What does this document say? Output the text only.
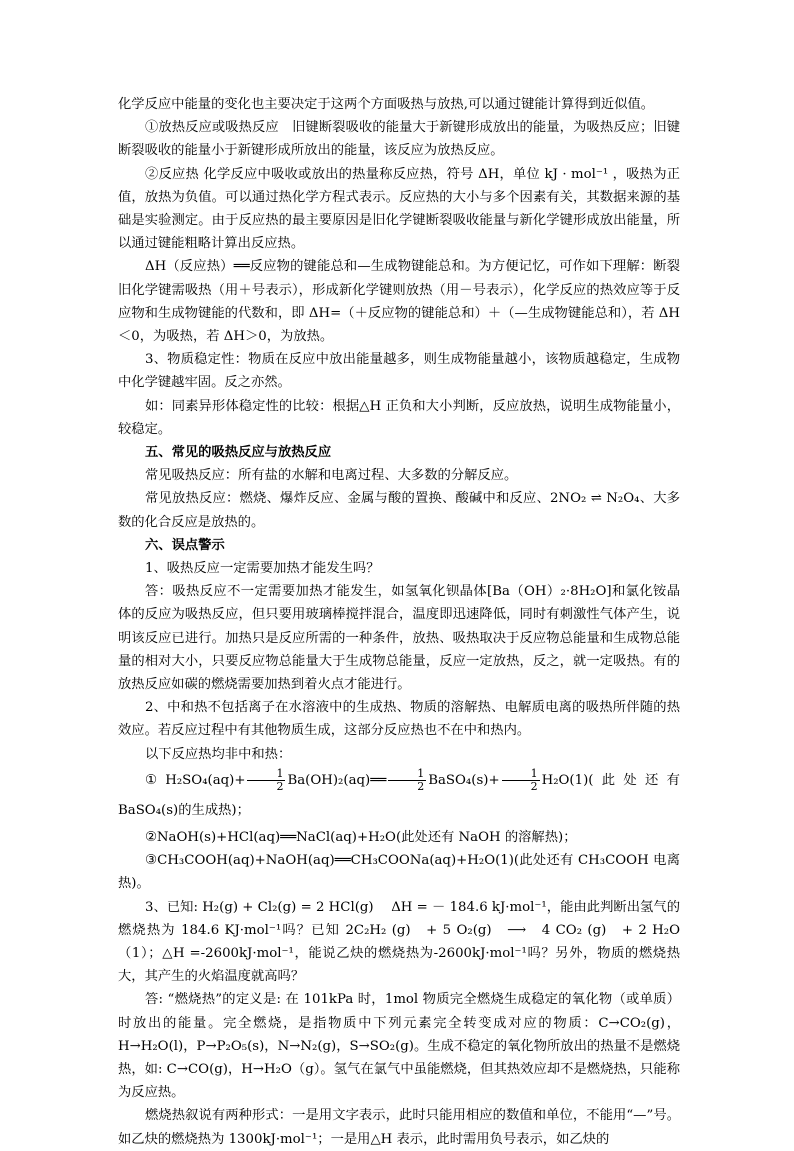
化学反应中能量的变化也主要决定于这两个方面吸热与放热,可以通过键能计算得到近似值。

①放热反应或吸热反应　旧键断裂吸收的能量大于新键形成放出的能量，为吸热反应；旧键断裂吸收的能量小于新键形成所放出的能量，该反应为放热反应。

②反应热 化学反应中吸收或放出的热量称反应热，符号 ΔH，单位 kJ · mol⁻¹ ，吸热为正值，放热为负值。可以通过热化学方程式表示。反应热的大小与多个因素有关，其数据来源的基础是实验测定。由于反应热的最主要原因是旧化学键断裂吸收能量与新化学键形成放出能量，所以通过键能粗略计算出反应热。

ΔH（反应热）══反应物的键能总和—生成物键能总和。为方便记忆，可作如下理解：断裂旧化学键需吸热（用＋号表示），形成新化学键则放热（用－号表示），化学反应的热效应等于反应物和生成物键能的代数和，即 ΔH=（＋反应物的键能总和）＋（—生成物键能总和），若 ΔH＜0，为吸热，若 ΔH＞0，为放热。

3、物质稳定性：物质在反应中放出能量越多，则生成物能量越小，该物质越稳定，生成物中化学键越牢固。反之亦然。

如：同素异形体稳定性的比较：根据△H 正负和大小判断，反应放热，说明生成物能量小，较稳定。

五、常见的吸热反应与放热反应

常见吸热反应：所有盐的水解和电离过程、大多数的分解反应。

常见放热反应：燃烧、爆炸反应、金属与酸的置换、酸碱中和反应、2NO₂ ⇌ N₂O₄、大多数的化合反应是放热的。

六、误点警示

1、吸热反应一定需要加热才能发生吗？

答：吸热反应不一定需要加热才能发生，如氢氧化钡晶体[Ba（OH）₂·8H₂O]和氯化铵晶体的反应为吸热反应，但只要用玻璃棒搅拌混合，温度即迅速降低，同时有刺激性气体产生，说明该反应已进行。加热只是反应所需的一种条件，放热、吸热取决于反应物总能量和生成物总能量的相对大小，只要反应物总能量大于生成物总能量，反应一定放热，反之，就一定吸热。有的放热反应如碳的燃烧需要加热到着火点才能进行。

2、中和热不包括离子在水溶液中的生成热、物质的溶解热、电解质电离的吸热所伴随的热效应。若反应过程中有其他物质生成，这部分反应热也不在中和热内。

以下反应热均非中和热：

①H₂SO₄(aq)+ $\frac{1}{2}$ Ba(OH)₂(aq)══ $\frac{1}{2}$ BaSO₄(s)+ $\frac{1}{2} H_2O(1)$(此处还有 BaSO₄(s)的生成热)；

②NaOH(s)+HCl(aq)══NaCl(aq)+H₂O(此处还有 NaOH 的溶解热)；

③CH₃COOH(aq)+NaOH(aq)══CH₃COONa(aq)+H₂O(1)(此处还有 CH₃COOH 电离热)。

3、已知: H₂(g) + Cl₂(g) = 2 HCl(g)　 ΔH = － 184.6 kJ·mol⁻¹，能由此判断出氢气的燃烧热为 184.6 KJ·mol⁻¹吗？已知 2C₂H₂ (g)　+ 5 O₂(g)　⟶　4 CO₂ (g)　+ 2 H₂O （1）；△H =-2600kJ·mol⁻¹，能说乙炔的燃烧热为-2600kJ·mol⁻¹吗？另外，物质的燃烧热大，其产生的火焰温度就高吗？

答: “燃烧热”的定义是: 在 101kPa 时，1mol 物质完全燃烧生成稳定的氧化物（或单质）时放出的能量。完全燃烧，是指物质中下列元素完全转变成对应的物质：C→CO₂(g)，H→H₂O(l)，P→P₂O₅(s)，N→N₂(g)，S→SO₂(g)。生成不稳定的氧化物所放出的热量不是燃烧热，如: C→CO(g)，H→H₂O（g）。氢气在氯气中虽能燃烧，但其热效应却不是燃烧热，只能称为反应热。

燃烧热叙说有两种形式：一是用文字表示，此时只能用相应的数值和单位，不能用“—”号。如乙炔的燃烧热为 1300kJ·mol⁻¹；一是用△H 表示，此时需用负号表示，如乙炔的
